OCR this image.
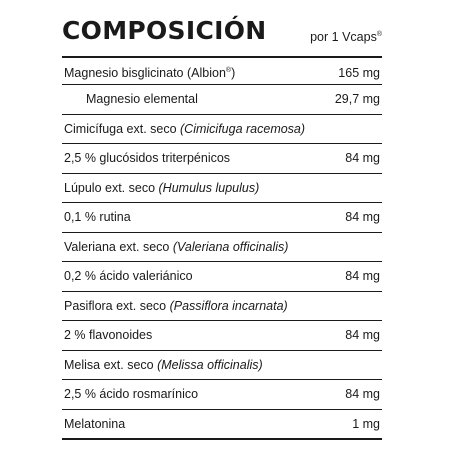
COMPOSICIÓN	por 1 Vcaps®
Magnesio bisglicinato (Albion®)	165 mg
Magnesio elemental	29,7 mg
Cimicífuga ext. seco (Cimicifuga racemosa)
2,5 % glucósidos triterpénicos	84 mg
Lúpulo ext. seco (Humulus lupulus)
0,1 % rutina	84 mg
Valeriana ext. seco (Valeriana officinalis)
0,2 % ácido valeriánico	84 mg
Pasiflora ext. seco (Passiflora incarnata)
2 % flavonoides	84 mg
Melisa ext. seco (Melissa officinalis)
2,5 % ácido rosmarínico	84 mg
Melatonina	1 mg
